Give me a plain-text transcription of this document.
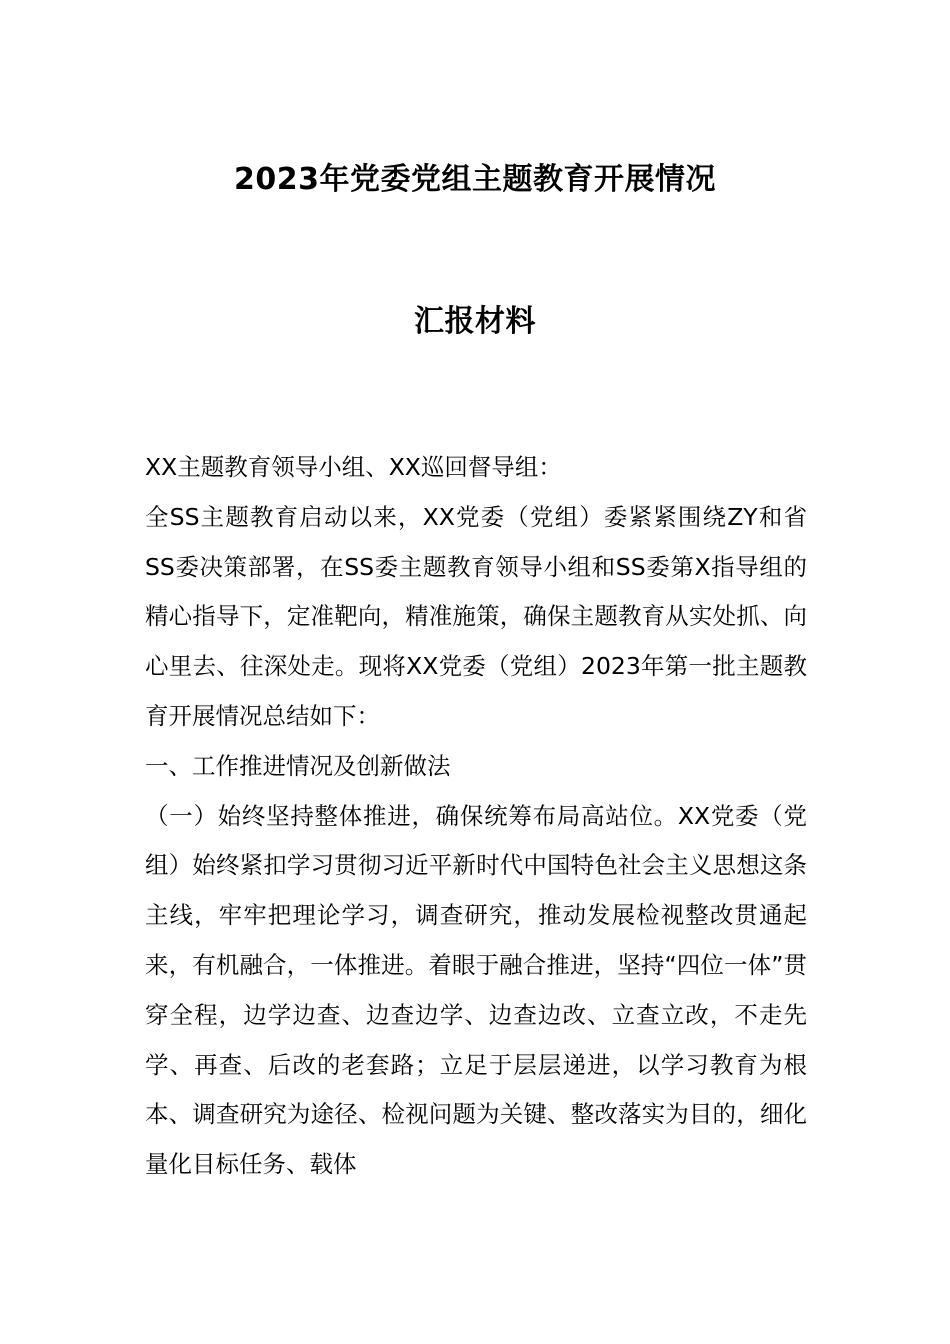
2023年党委党组主题教育开展情况
汇报材料

XX主题教育领导小组、XX巡回督导组：

全SS主题教育启动以来，XX党委（党组）委紧紧围绕ZY和省SS委决策部署，在SS委主题教育领导小组和SS委第X指导组的精心指导下，定准靶向，精准施策，确保主题教育从实处抓、向心里去、往深处走。现将XX党委（党组）2023年第一批主题教育开展情况总结如下：

一、工作推进情况及创新做法

（一）始终坚持整体推进，确保统筹布局高站位。XX党委（党组）始终紧扣学习贯彻习近平新时代中国特色社会主义思想这条主线，牢牢把理论学习，调查研究，推动发展检视整改贯通起来，有机融合，一体推进。着眼于融合推进，坚持“四位一体”贯穿全程，边学边查、边查边学、边查边改、立查立改，不走先学、再查、后改的老套路；立足于层层递进，以学习教育为根本、调查研究为途径、检视问题为关键、整改落实为目的，细化量化目标任务、载体
